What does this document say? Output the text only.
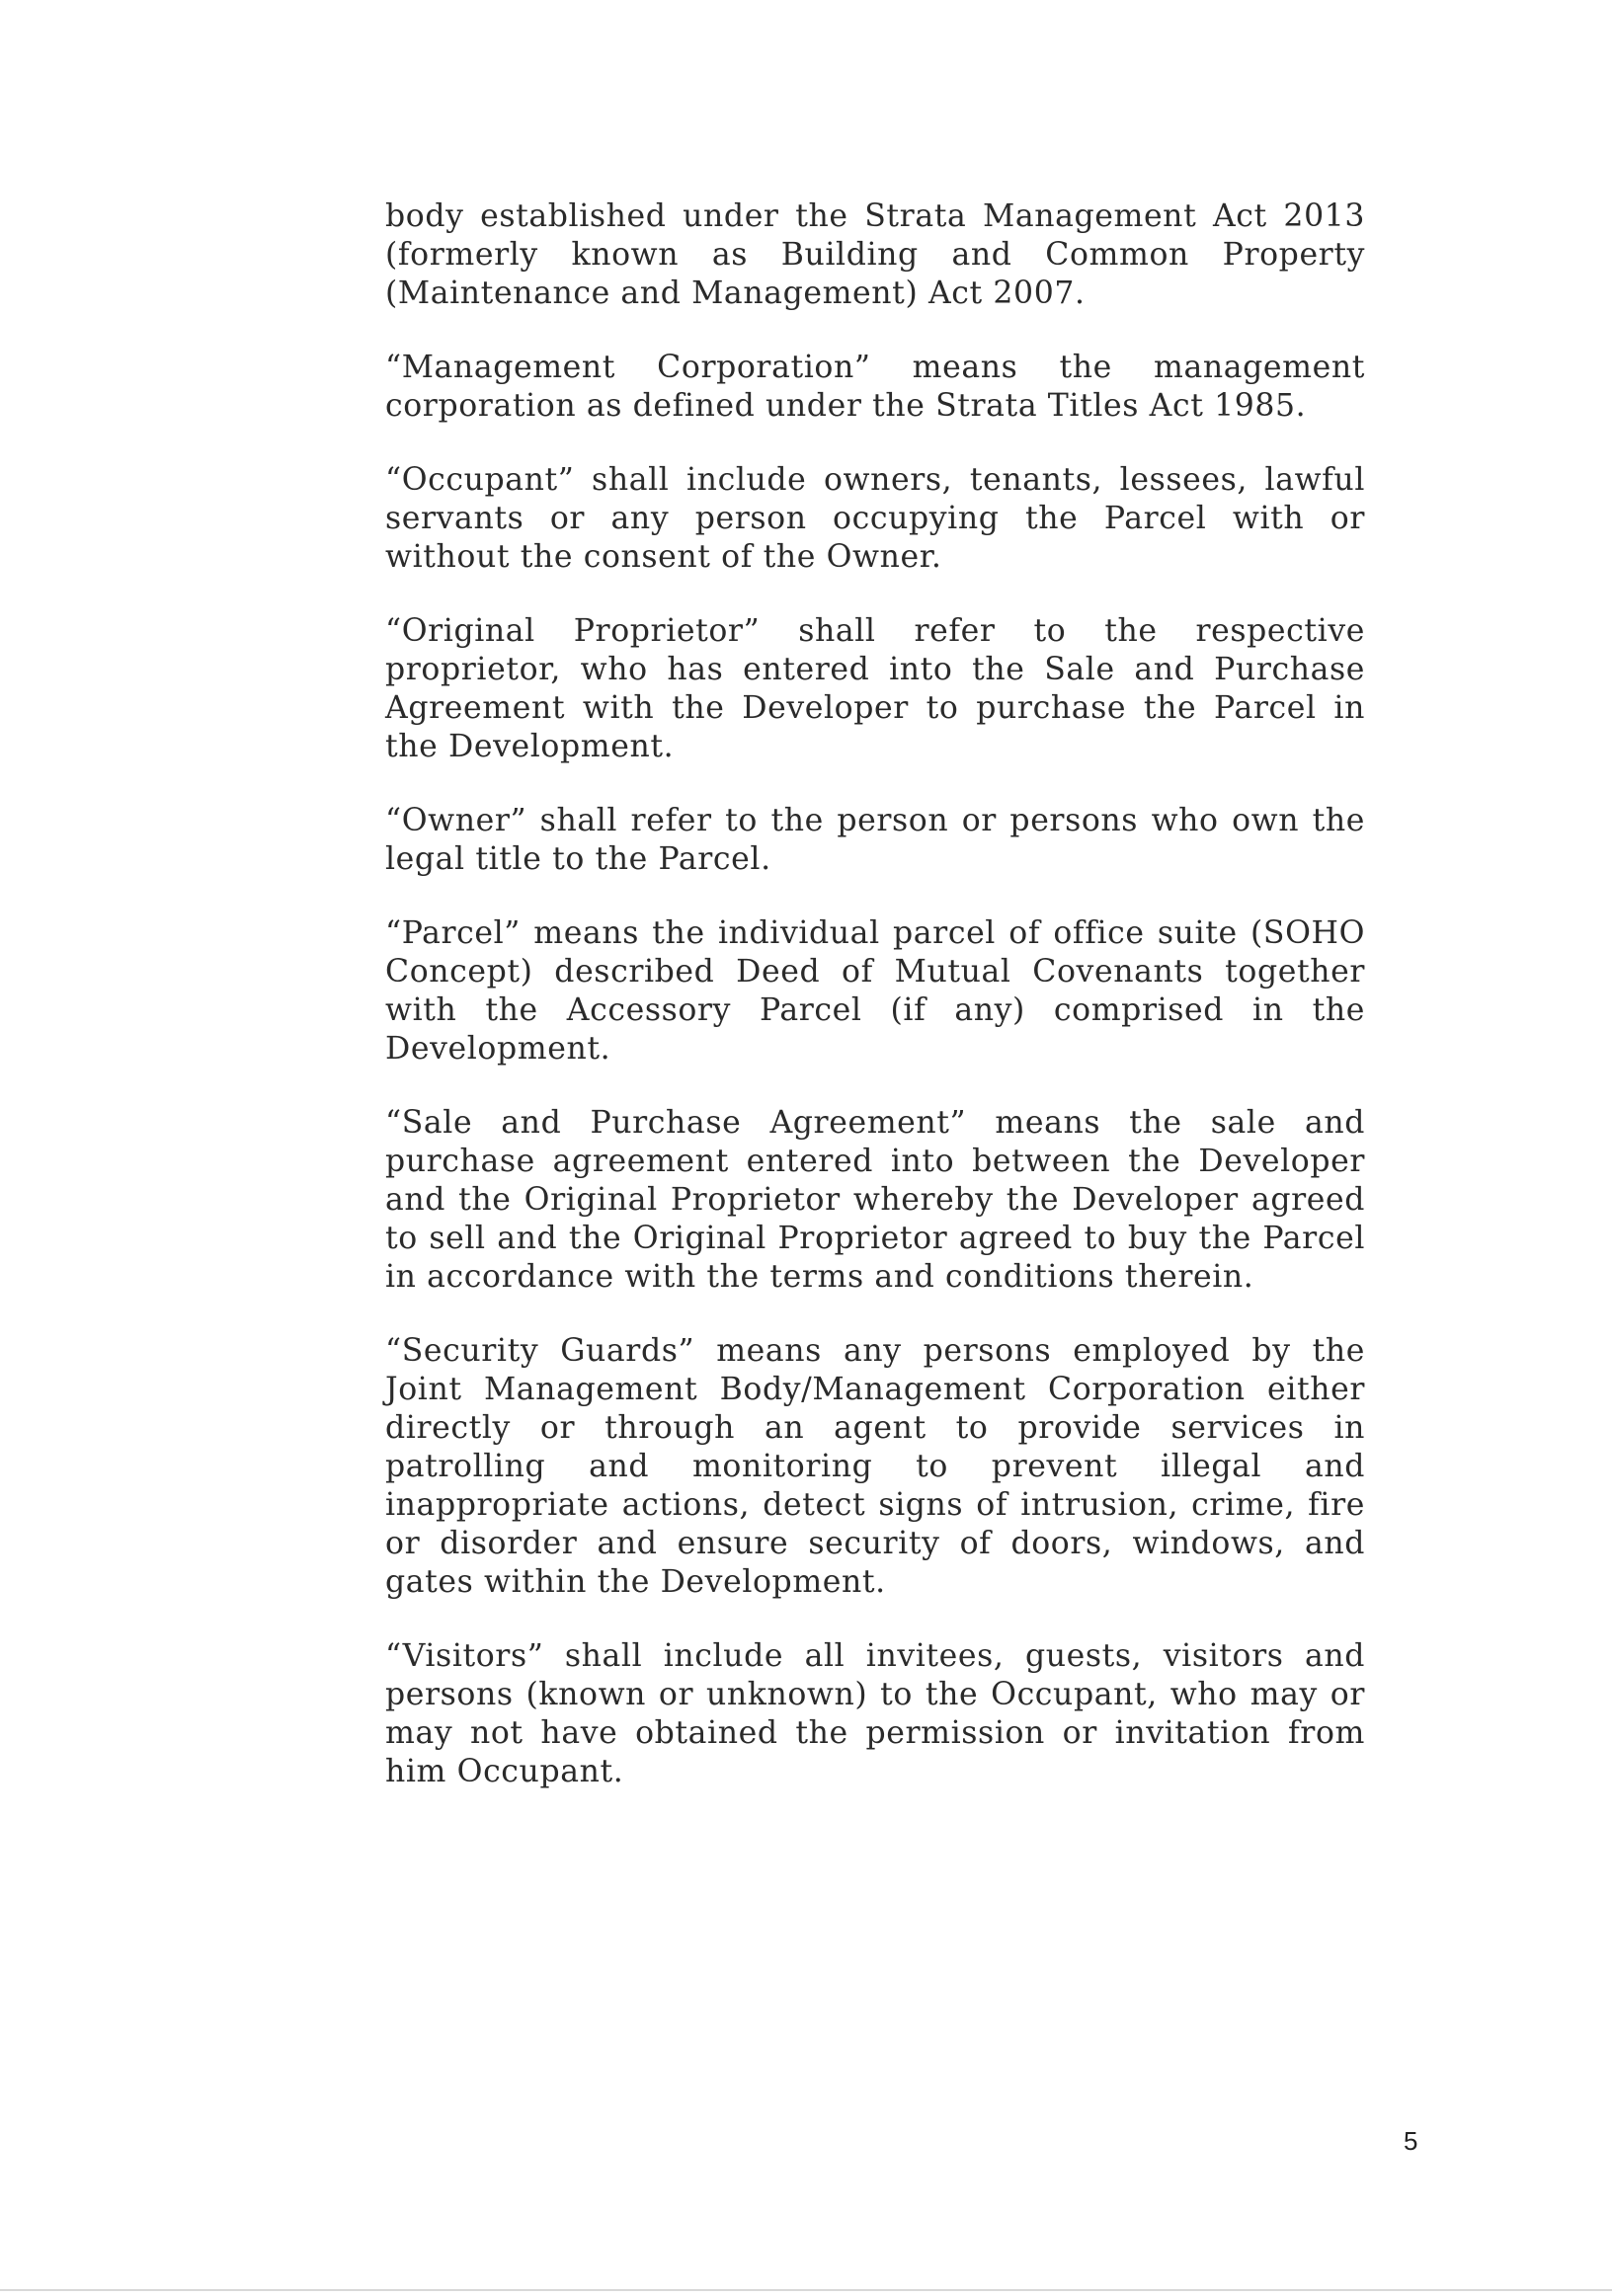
body established under the Strata Management Act 2013 (formerly known as Building and Common Property (Maintenance and Management) Act 2007.

“Management Corporation” means the management corporation as defined under the Strata Titles Act 1985.

“Occupant” shall include owners, tenants, lessees, lawful servants or any person occupying the Parcel with or without the consent of the Owner.

“Original Proprietor” shall refer to the respective proprietor, who has entered into the Sale and Purchase Agreement with the Developer to purchase the Parcel in the Development.

“Owner” shall refer to the person or persons who own the legal title to the Parcel.

“Parcel” means the individual parcel of office suite (SOHO Concept) described Deed of Mutual Covenants together with the Accessory Parcel (if any) comprised in the Development.

“Sale and Purchase Agreement” means the sale and purchase agreement entered into between the Developer and the Original Proprietor whereby the Developer agreed to sell and the Original Proprietor agreed to buy the Parcel in accordance with the terms and conditions therein.

“Security Guards” means any persons employed by the Joint Management Body/Management Corporation either directly or through an agent to provide services in patrolling and monitoring to prevent illegal and inappropriate actions, detect signs of intrusion, crime, fire or disorder and ensure security of doors, windows, and gates within the Development.

“Visitors” shall include all invitees, guests, visitors and persons (known or unknown) to the Occupant, who may or may not have obtained the permission or invitation from him Occupant.

5
